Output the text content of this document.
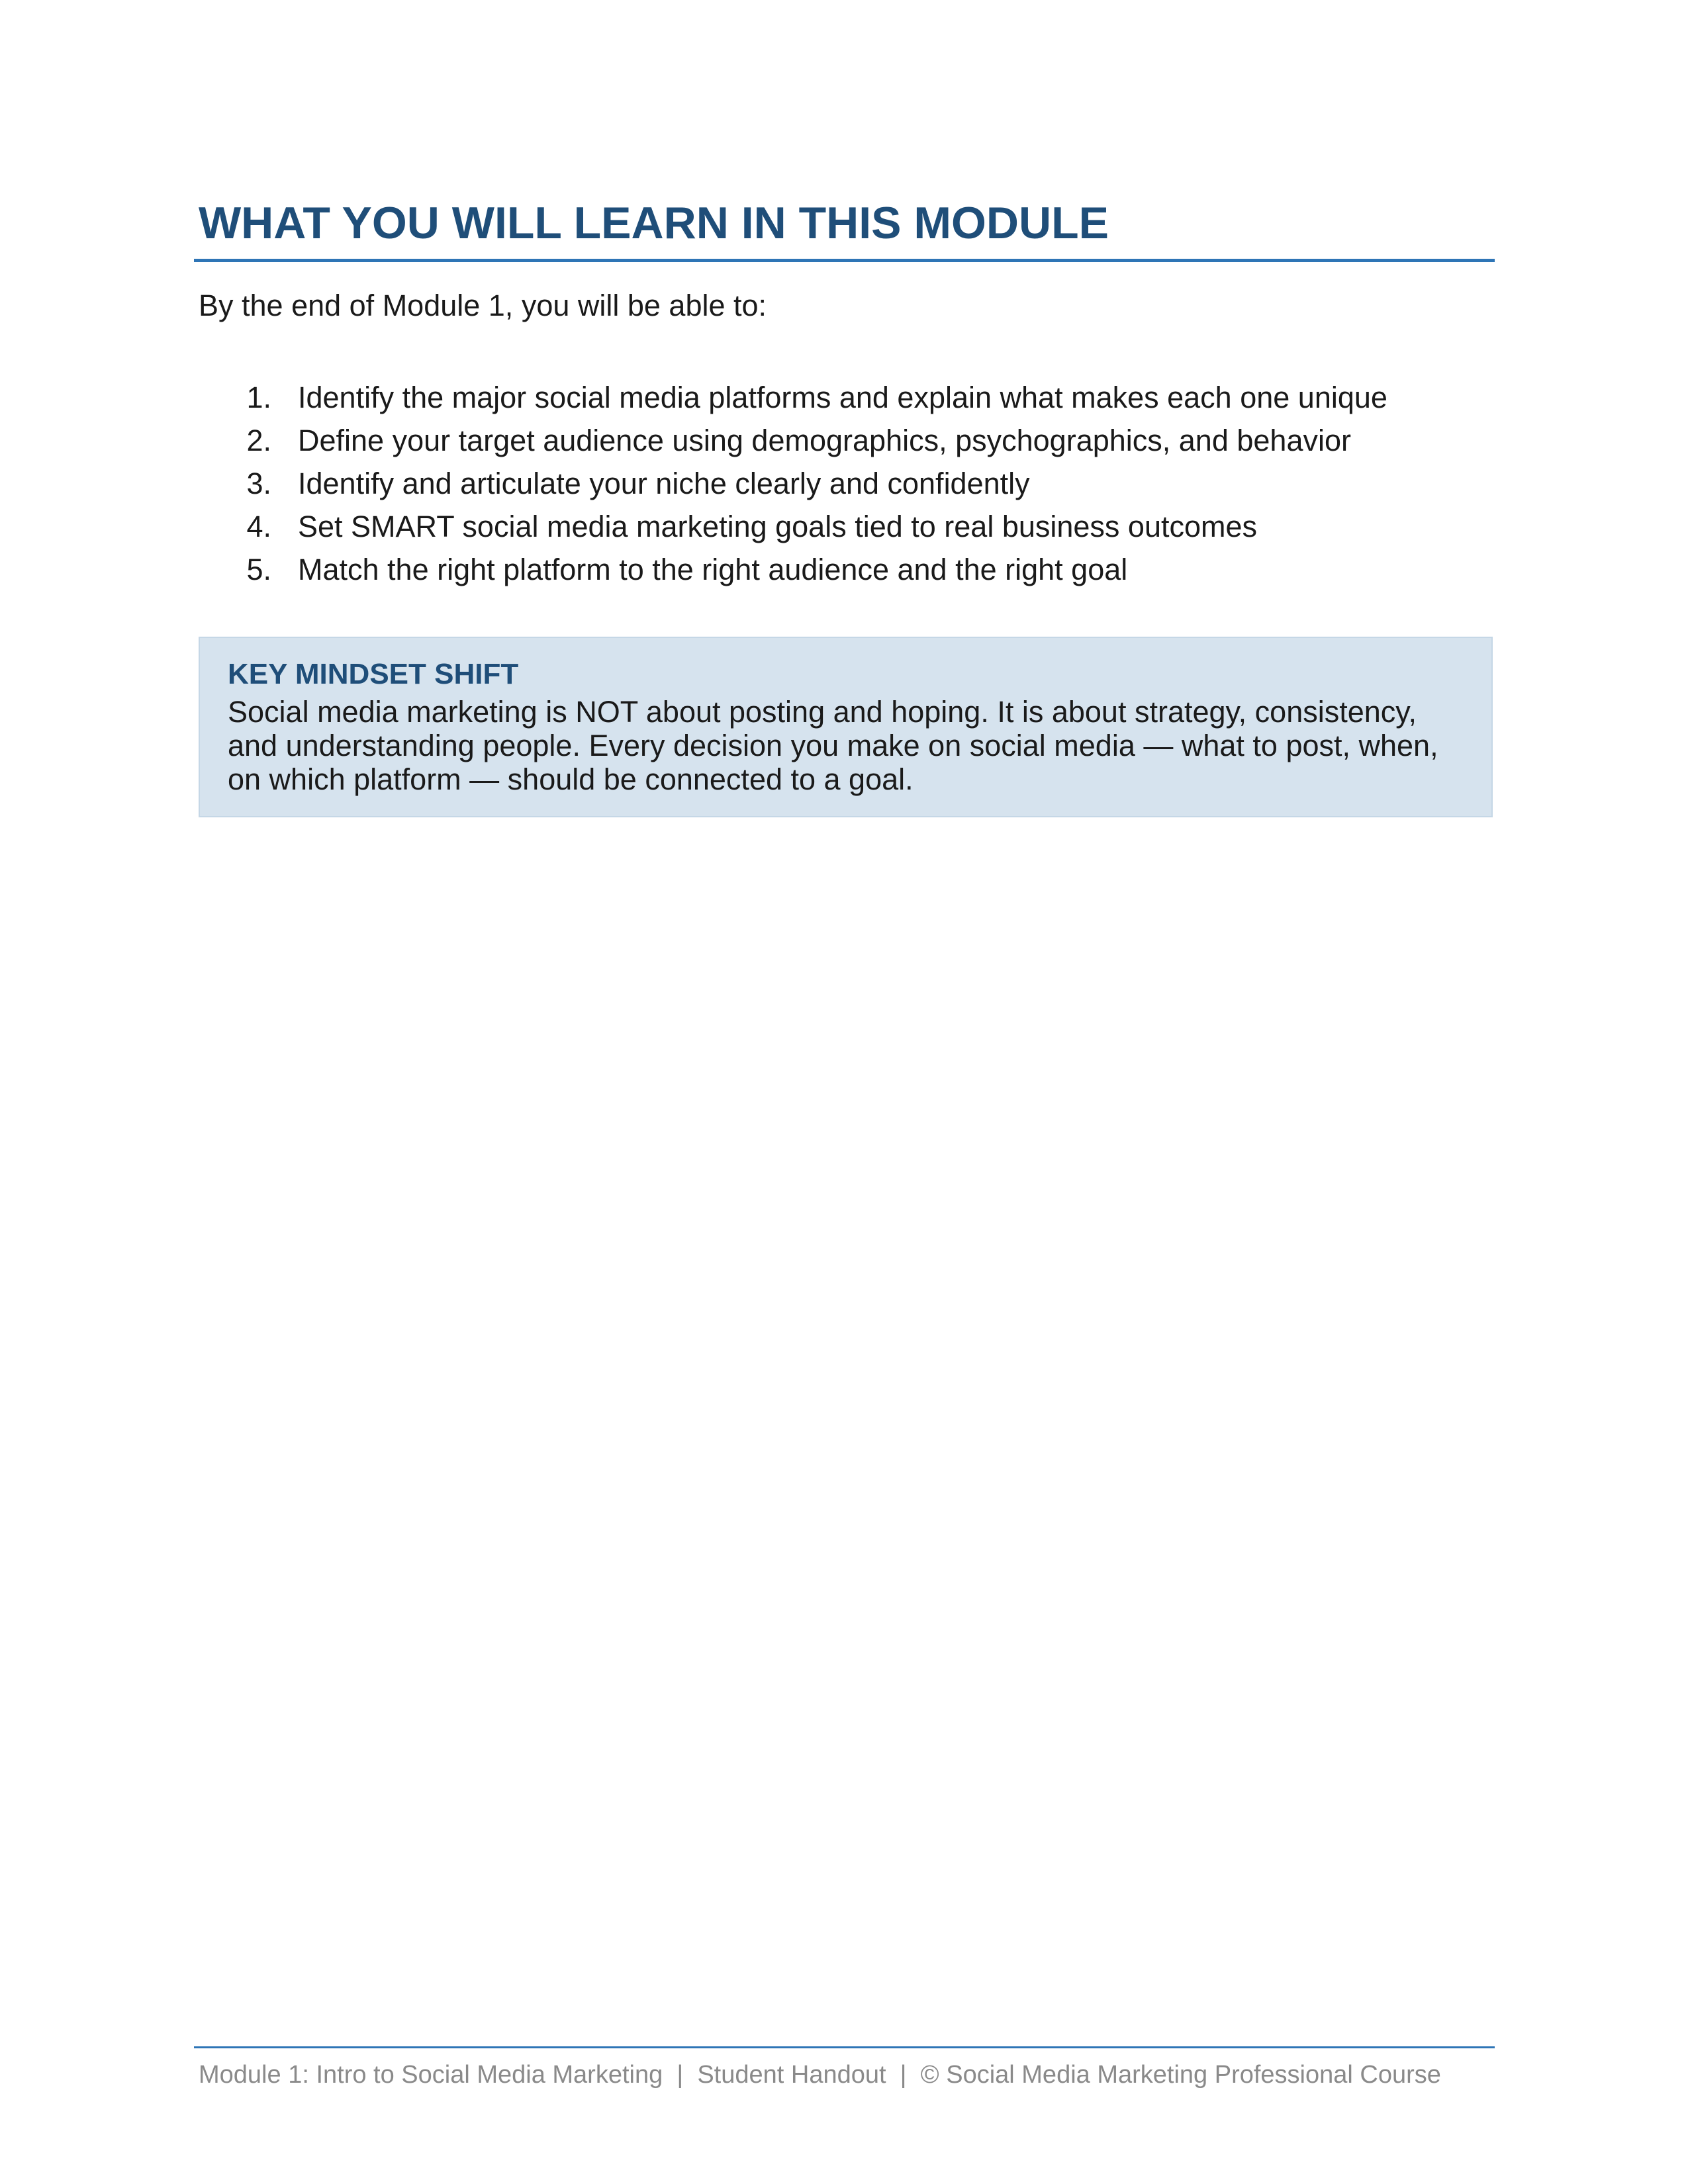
WHAT YOU WILL LEARN IN THIS MODULE

By the end of Module 1, you will be able to:

1. Identify the major social media platforms and explain what makes each one unique
2. Define your target audience using demographics, psychographics, and behavior
3. Identify and articulate your niche clearly and confidently
4. Set SMART social media marketing goals tied to real business outcomes
5. Match the right platform to the right audience and the right goal
KEY MINDSET SHIFT

Social media marketing is NOT about posting and hoping. It is about strategy, consistency, and understanding people. Every decision you make on social media — what to post, when, on which platform — should be connected to a goal.

Module 1: Intro to Social Media Marketing  |  Student Handout  |  © Social Media Marketing Professional Course
